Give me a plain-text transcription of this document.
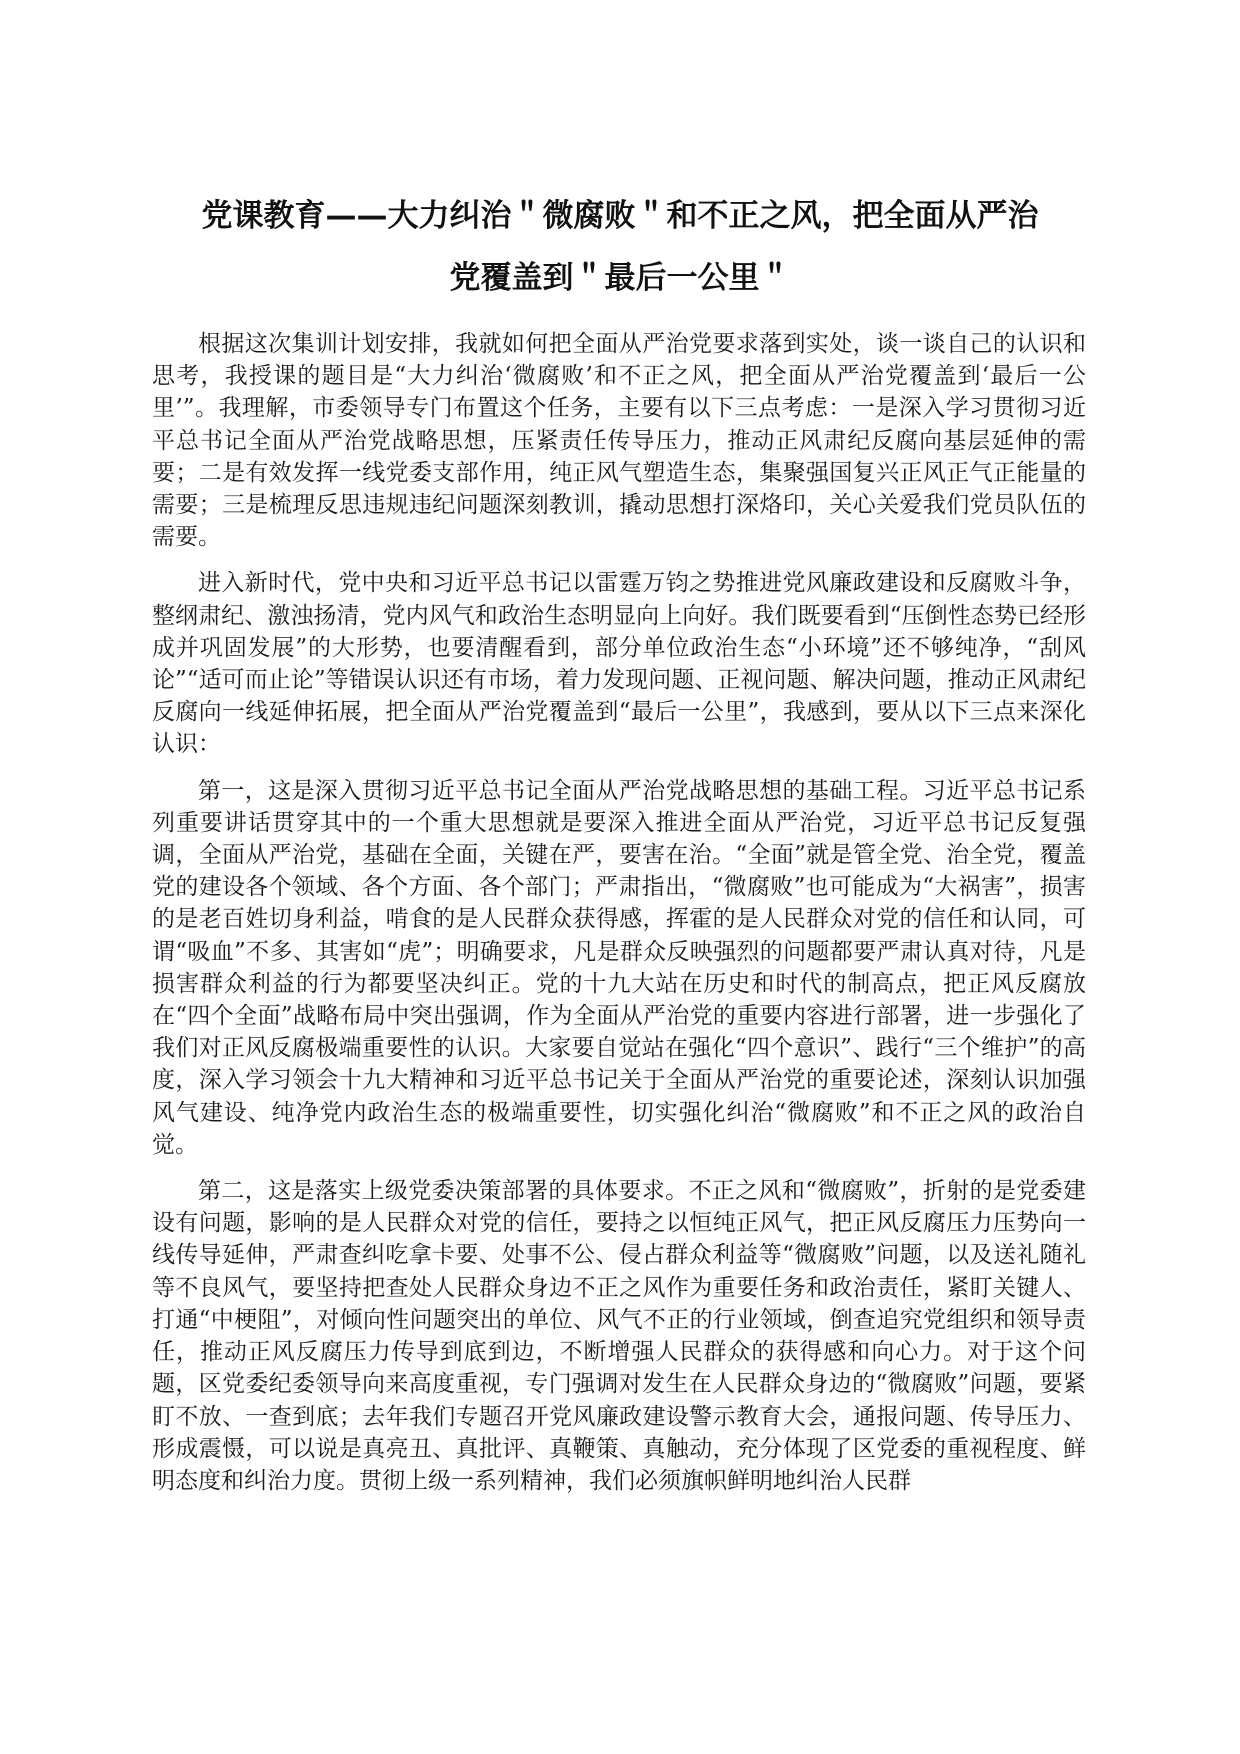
党课教育——大力纠治＂微腐败＂和不正之风，把全面从严治
党覆盖到＂最后一公里＂

根据这次集训计划安排，我就如何把全面从严治党要求落到实处，谈一谈自己的认识和思考，我授课的题目是“大力纠治‘微腐败’和不正之风，把全面从严治党覆盖到‘最后一公里’”。我理解，市委领导专门布置这个任务，主要有以下三点考虑：一是深入学习贯彻习近平总书记全面从严治党战略思想，压紧责任传导压力，推动正风肃纪反腐向基层延伸的需要；二是有效发挥一线党委支部作用，纯正风气塑造生态，集聚强国复兴正风正气正能量的需要；三是梳理反思违规违纪问题深刻教训，撬动思想打深烙印，关心关爱我们党员队伍的需要。

进入新时代，党中央和习近平总书记以雷霆万钧之势推进党风廉政建设和反腐败斗争，整纲肃纪、激浊扬清，党内风气和政治生态明显向上向好。我们既要看到“压倒性态势已经形成并巩固发展”的大形势，也要清醒看到，部分单位政治生态“小环境”还不够纯净，“刮风论”“适可而止论”等错误认识还有市场，着力发现问题、正视问题、解决问题，推动正风肃纪反腐向一线延伸拓展，把全面从严治党覆盖到“最后一公里”，我感到，要从以下三点来深化认识：

第一，这是深入贯彻习近平总书记全面从严治党战略思想的基础工程。习近平总书记系列重要讲话贯穿其中的一个重大思想就是要深入推进全面从严治党，习近平总书记反复强调，全面从严治党，基础在全面，关键在严，要害在治。“全面”就是管全党、治全党，覆盖党的建设各个领域、各个方面、各个部门；严肃指出，“微腐败”也可能成为“大祸害”，损害的是老百姓切身利益，啃食的是人民群众获得感，挥霍的是人民群众对党的信任和认同，可谓“吸血”不多、其害如“虎”；明确要求，凡是群众反映强烈的问题都要严肃认真对待，凡是损害群众利益的行为都要坚决纠正。党的十九大站在历史和时代的制高点，把正风反腐放在“四个全面”战略布局中突出强调，作为全面从严治党的重要内容进行部署，进一步强化了我们对正风反腐极端重要性的认识。大家要自觉站在强化“四个意识”、践行“三个维护”的高度，深入学习领会十九大精神和习近平总书记关于全面从严治党的重要论述，深刻认识加强风气建设、纯净党内政治生态的极端重要性，切实强化纠治“微腐败”和不正之风的政治自觉。

第二，这是落实上级党委决策部署的具体要求。不正之风和“微腐败”，折射的是党委建设有问题，影响的是人民群众对党的信任，要持之以恒纯正风气，把正风反腐压力压势向一线传导延伸，严肃查纠吃拿卡要、处事不公、侵占群众利益等“微腐败”问题，以及送礼随礼等不良风气，要坚持把查处人民群众身边不正之风作为重要任务和政治责任，紧盯关键人、打通“中梗阻”，对倾向性问题突出的单位、风气不正的行业领域，倒查追究党组织和领导责任，推动正风反腐压力传导到底到边，不断增强人民群众的获得感和向心力。对于这个问题，区党委纪委领导向来高度重视，专门强调对发生在人民群众身边的“微腐败”问题，要紧盯不放、一查到底；去年我们专题召开党风廉政建设警示教育大会，通报问题、传导压力、形成震慑，可以说是真亮丑、真批评、真鞭策、真触动，充分体现了区党委的重视程度、鲜明态度和纠治力度。贯彻上级一系列精神，我们必须旗帜鲜明地纠治人民群
